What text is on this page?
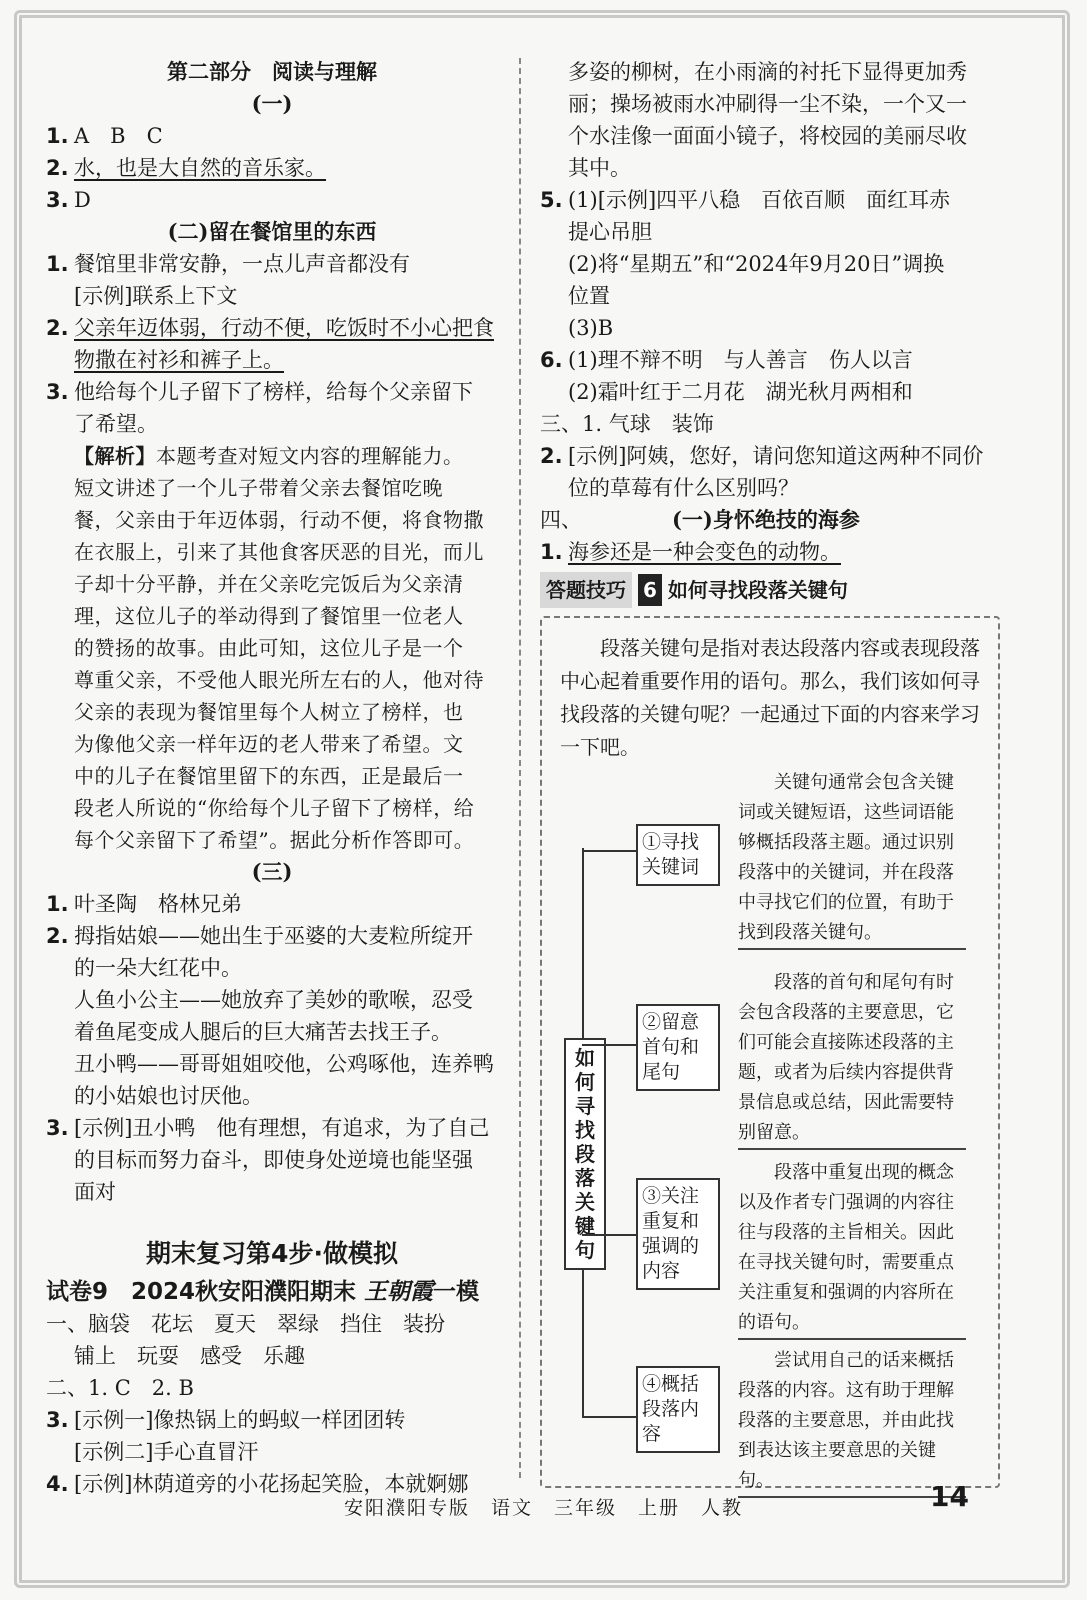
第二部分　阅读与理解
(一)
1. A　B　C
2. 水，也是大自然的音乐家。
3. D
(二)留在餐馆里的东西
1. 餐馆里非常安静，一点儿声音都没有
[示例]联系上下文
2. 父亲年迈体弱，行动不便，吃饭时不小心把食
物撒在衬衫和裤子上。
3. 他给每个儿子留下了榜样，给每个父亲留下
了希望。
【解析】本题考查对短文内容的理解能力。
短文讲述了一个儿子带着父亲去餐馆吃晚
餐，父亲由于年迈体弱，行动不便，将食物撒
在衣服上，引来了其他食客厌恶的目光，而儿
子却十分平静，并在父亲吃完饭后为父亲清
理，这位儿子的举动得到了餐馆里一位老人
的赞扬的故事。由此可知，这位儿子是一个
尊重父亲，不受他人眼光所左右的人，他对待
父亲的表现为餐馆里每个人树立了榜样，也
为像他父亲一样年迈的老人带来了希望。文
中的儿子在餐馆里留下的东西，正是最后一
段老人所说的“你给每个儿子留下了榜样，给
每个父亲留下了希望”。据此分析作答即可。
(三)
1. 叶圣陶　格林兄弟
2. 拇指姑娘——她出生于巫婆的大麦粒所绽开
的一朵大红花中。
人鱼小公主——她放弃了美妙的歌喉，忍受
着鱼尾变成人腿后的巨大痛苦去找王子。
丑小鸭——哥哥姐姐咬他，公鸡啄他，连养鸭
的小姑娘也讨厌他。
3. [示例]丑小鸭　他有理想，有追求，为了自己
的目标而努力奋斗，即使身处逆境也能坚强
面对
期末复习第4步·做模拟
试卷9　2024秋安阳濮阳期末 王朝霞一模
一、脑袋　花坛　夏天　翠绿　挡住　装扮
铺上　玩耍　感受　乐趣
二、1. C　2. B
3. [示例一]像热锅上的蚂蚁一样团团转
[示例二]手心直冒汗
4. [示例]林荫道旁的小花扬起笑脸，本就婀娜
多姿的柳树，在小雨滴的衬托下显得更加秀
丽；操场被雨水冲刷得一尘不染，一个又一
个水洼像一面面小镜子，将校园的美丽尽收
其中。
5. (1)[示例]四平八稳　百依百顺　面红耳赤
提心吊胆
(2)将“星期五”和“2024年9月20日”调换
位置
(3)B
6. (1)理不辩不明　与人善言　伤人以言
(2)霜叶红于二月花　湖光秋月两相和
三、1. 气球　装饰
2. [示例]阿姨，您好，请问您知道这两种不同价
位的草莓有什么区别吗？
四、	(一)身怀绝技的海参
1. 海参还是一种会变色的动物。
答题技巧 6 如何寻找段落关键句
段落关键句是指对表达段落内容或表现段落中心起着重要作用的语句。那么，我们该如何寻找段落的关键句呢？一起通过下面的内容来学习一下吧。
如何寻找段落关键句
①寻找关键词
关键句通常会包含关键词或关键短语，这些词语能够概括段落主题。通过识别段落中的关键词，并在段落中寻找它们的位置，有助于找到段落关键句。
②留意首句和尾句
段落的首句和尾句有时会包含段落的主要意思，它们可能会直接陈述段落的主题，或者为后续内容提供背景信息或总结，因此需要特别留意。
③关注重复和强调的内容
段落中重复出现的概念以及作者专门强调的内容往往与段落的主旨相关。因此在寻找关键句时，需要重点关注重复和强调的内容所在的语句。
④概括段落内容
尝试用自己的话来概括段落的内容。这有助于理解段落的主要意思，并由此找到表达该主要意思的关键句。
安阳濮阳专版　语文　三年级　上册　人教	14
